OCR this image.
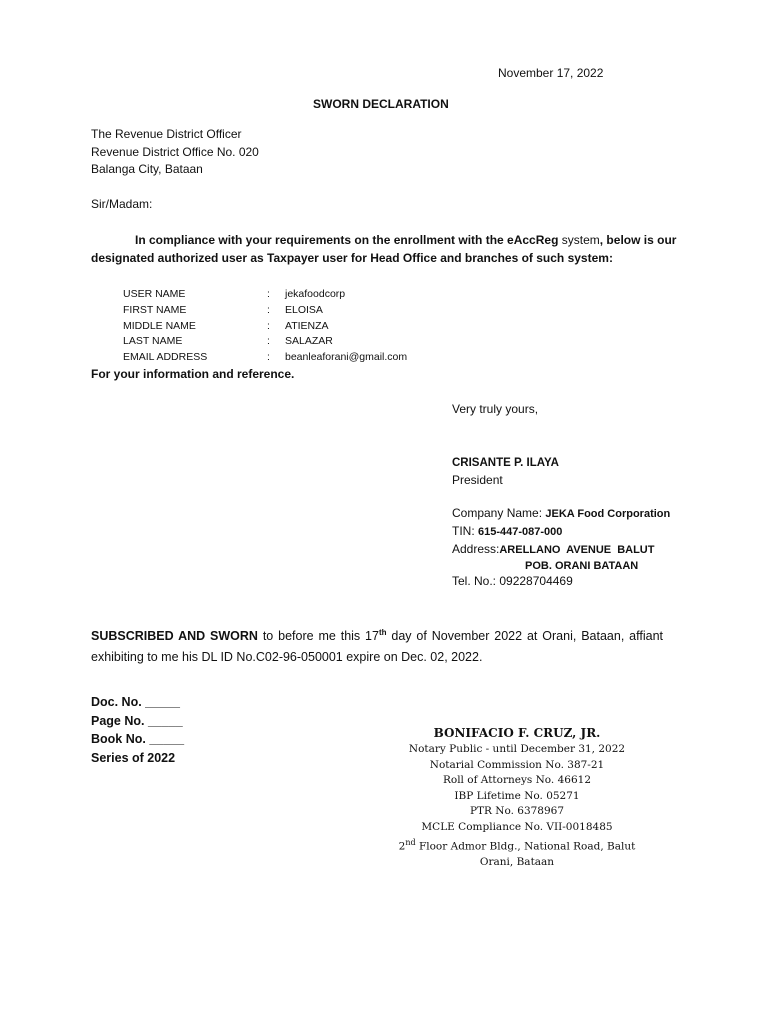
November 17, 2022
SWORN DECLARATION
The Revenue District Officer
Revenue District Office No. 020
Balanga City, Bataan
Sir/Madam:
In compliance with your requirements on the enrollment with the eAccReg system, below is our
designated authorized user as Taxpayer user for Head Office and branches of such system:
USER NAME	:	jekafoodcorp
FIRST NAME	:	ELOISA
MIDDLE NAME	:	ATIENZA
LAST NAME	:	SALAZAR
EMAIL ADDRESS	:	beanleaforani@gmail.com
For your information and reference.
Very truly yours,
CRISANTE P. ILAYA
President
Company Name: JEKA Food Corporation
TIN: 615-447-087-000
Address:ARELLANO AVENUE BALUT
POB. ORANI BATAAN
Tel. No.: 09228704469
SUBSCRIBED AND SWORN to before me this 17th day of November 2022 at Orani, Bataan, affiant exhibiting to me his DL ID No.C02-96-050001 expire on Dec. 02, 2022.
Doc. No. _____
Page No. _____
Book No. _____
Series of 2022
BONIFACIO F. CRUZ, JR.
Notary Public - until December 31, 2022
Notarial Commission No. 387-21
Roll of Attorneys No. 46612
IBP Lifetime No. 05271
PTR No. 6378967
MCLE Compliance No. VII-0018485
2nd Floor Admor Bldg., National Road, Balut
Orani, Bataan
